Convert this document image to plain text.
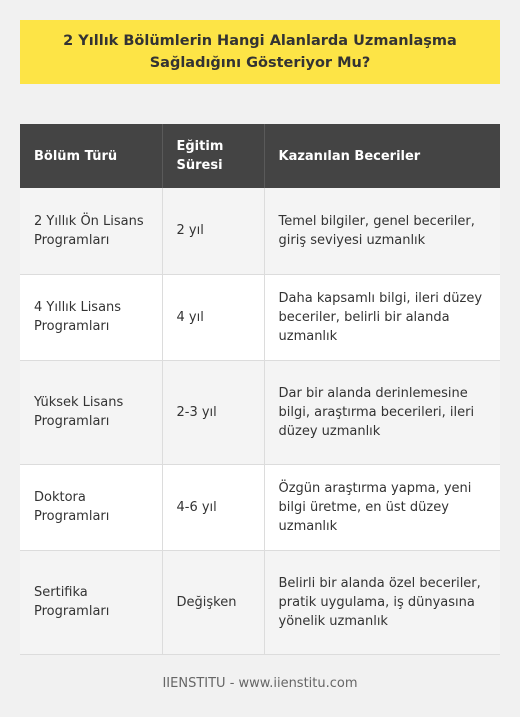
2 Yıllık Bölümlerin Hangi Alanlarda Uzmanlaşma Sağladığını Gösteriyor Mu?
Bölüm Türü	Eğitim Süresi	Kazanılan Beceriler
2 Yıllık Ön Lisans Programları	2 yıl	Temel bilgiler, genel beceriler, giriş seviyesi uzmanlık
4 Yıllık Lisans Programları	4 yıl	Daha kapsamlı bilgi, ileri düzey beceriler, belirli bir alanda uzmanlık
Yüksek Lisans Programları	2-3 yıl	Dar bir alanda derinlemesine bilgi, araştırma becerileri, ileri düzey uzmanlık
Doktora Programları	4-6 yıl	Özgün araştırma yapma, yeni bilgi üretme, en üst düzey uzmanlık
Sertifika Programları	Değişken	Belirli bir alanda özel beceriler, pratik uygulama, iş dünyasına yönelik uzmanlık
IIENSTITU - www.iienstitu.com
